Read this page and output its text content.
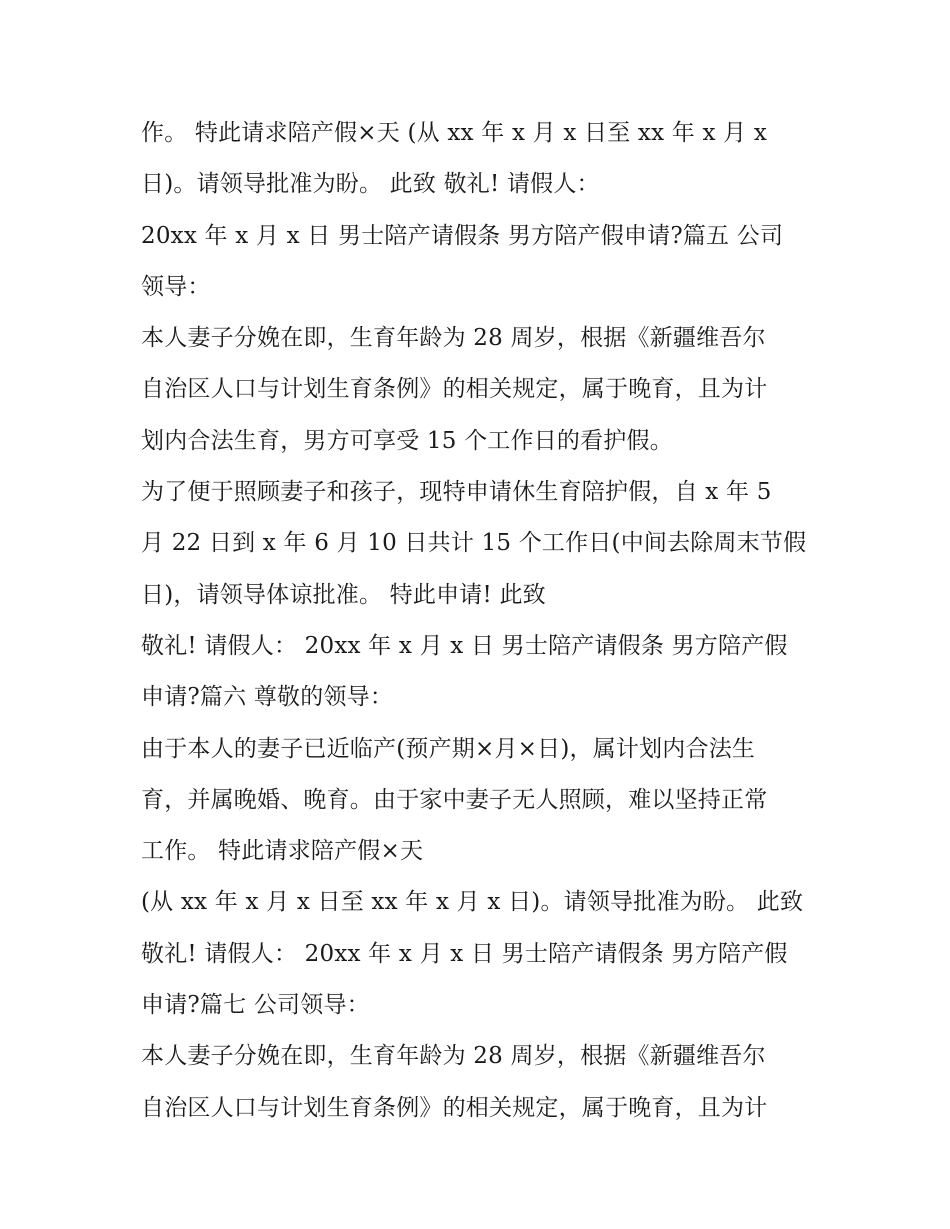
作。 特此请求陪产假×天 (从 xx 年 x 月 x 日至 xx 年 x 月 x
日)。请领导批准为盼。 此致 敬礼! 请假人：
20xx 年 x 月 x 日 男士陪产请假条 男方陪产假申请?篇五 公司
领导：
本人妻子分娩在即，生育年龄为 28 周岁，根据《新疆维吾尔
自治区人口与计划生育条例》的相关规定，属于晚育，且为计
划内合法生育，男方可享受 15 个工作日的看护假。
为了便于照顾妻子和孩子，现特申请休生育陪护假，自 x 年 5
月 22 日到 x 年 6 月 10 日共计 15 个工作日(中间去除周末节假
日)，请领导体谅批准。 特此申请! 此致
敬礼! 请假人： 20xx 年 x 月 x 日 男士陪产请假条 男方陪产假
申请?篇六 尊敬的领导：
由于本人的妻子已近临产(预产期×月×日)，属计划内合法生
育，并属晚婚、晚育。由于家中妻子无人照顾，难以坚持正常
工作。 特此请求陪产假×天
(从 xx 年 x 月 x 日至 xx 年 x 月 x 日)。请领导批准为盼。 此致
敬礼! 请假人： 20xx 年 x 月 x 日 男士陪产请假条 男方陪产假
申请?篇七 公司领导：
本人妻子分娩在即，生育年龄为 28 周岁，根据《新疆维吾尔
自治区人口与计划生育条例》的相关规定，属于晚育，且为计
